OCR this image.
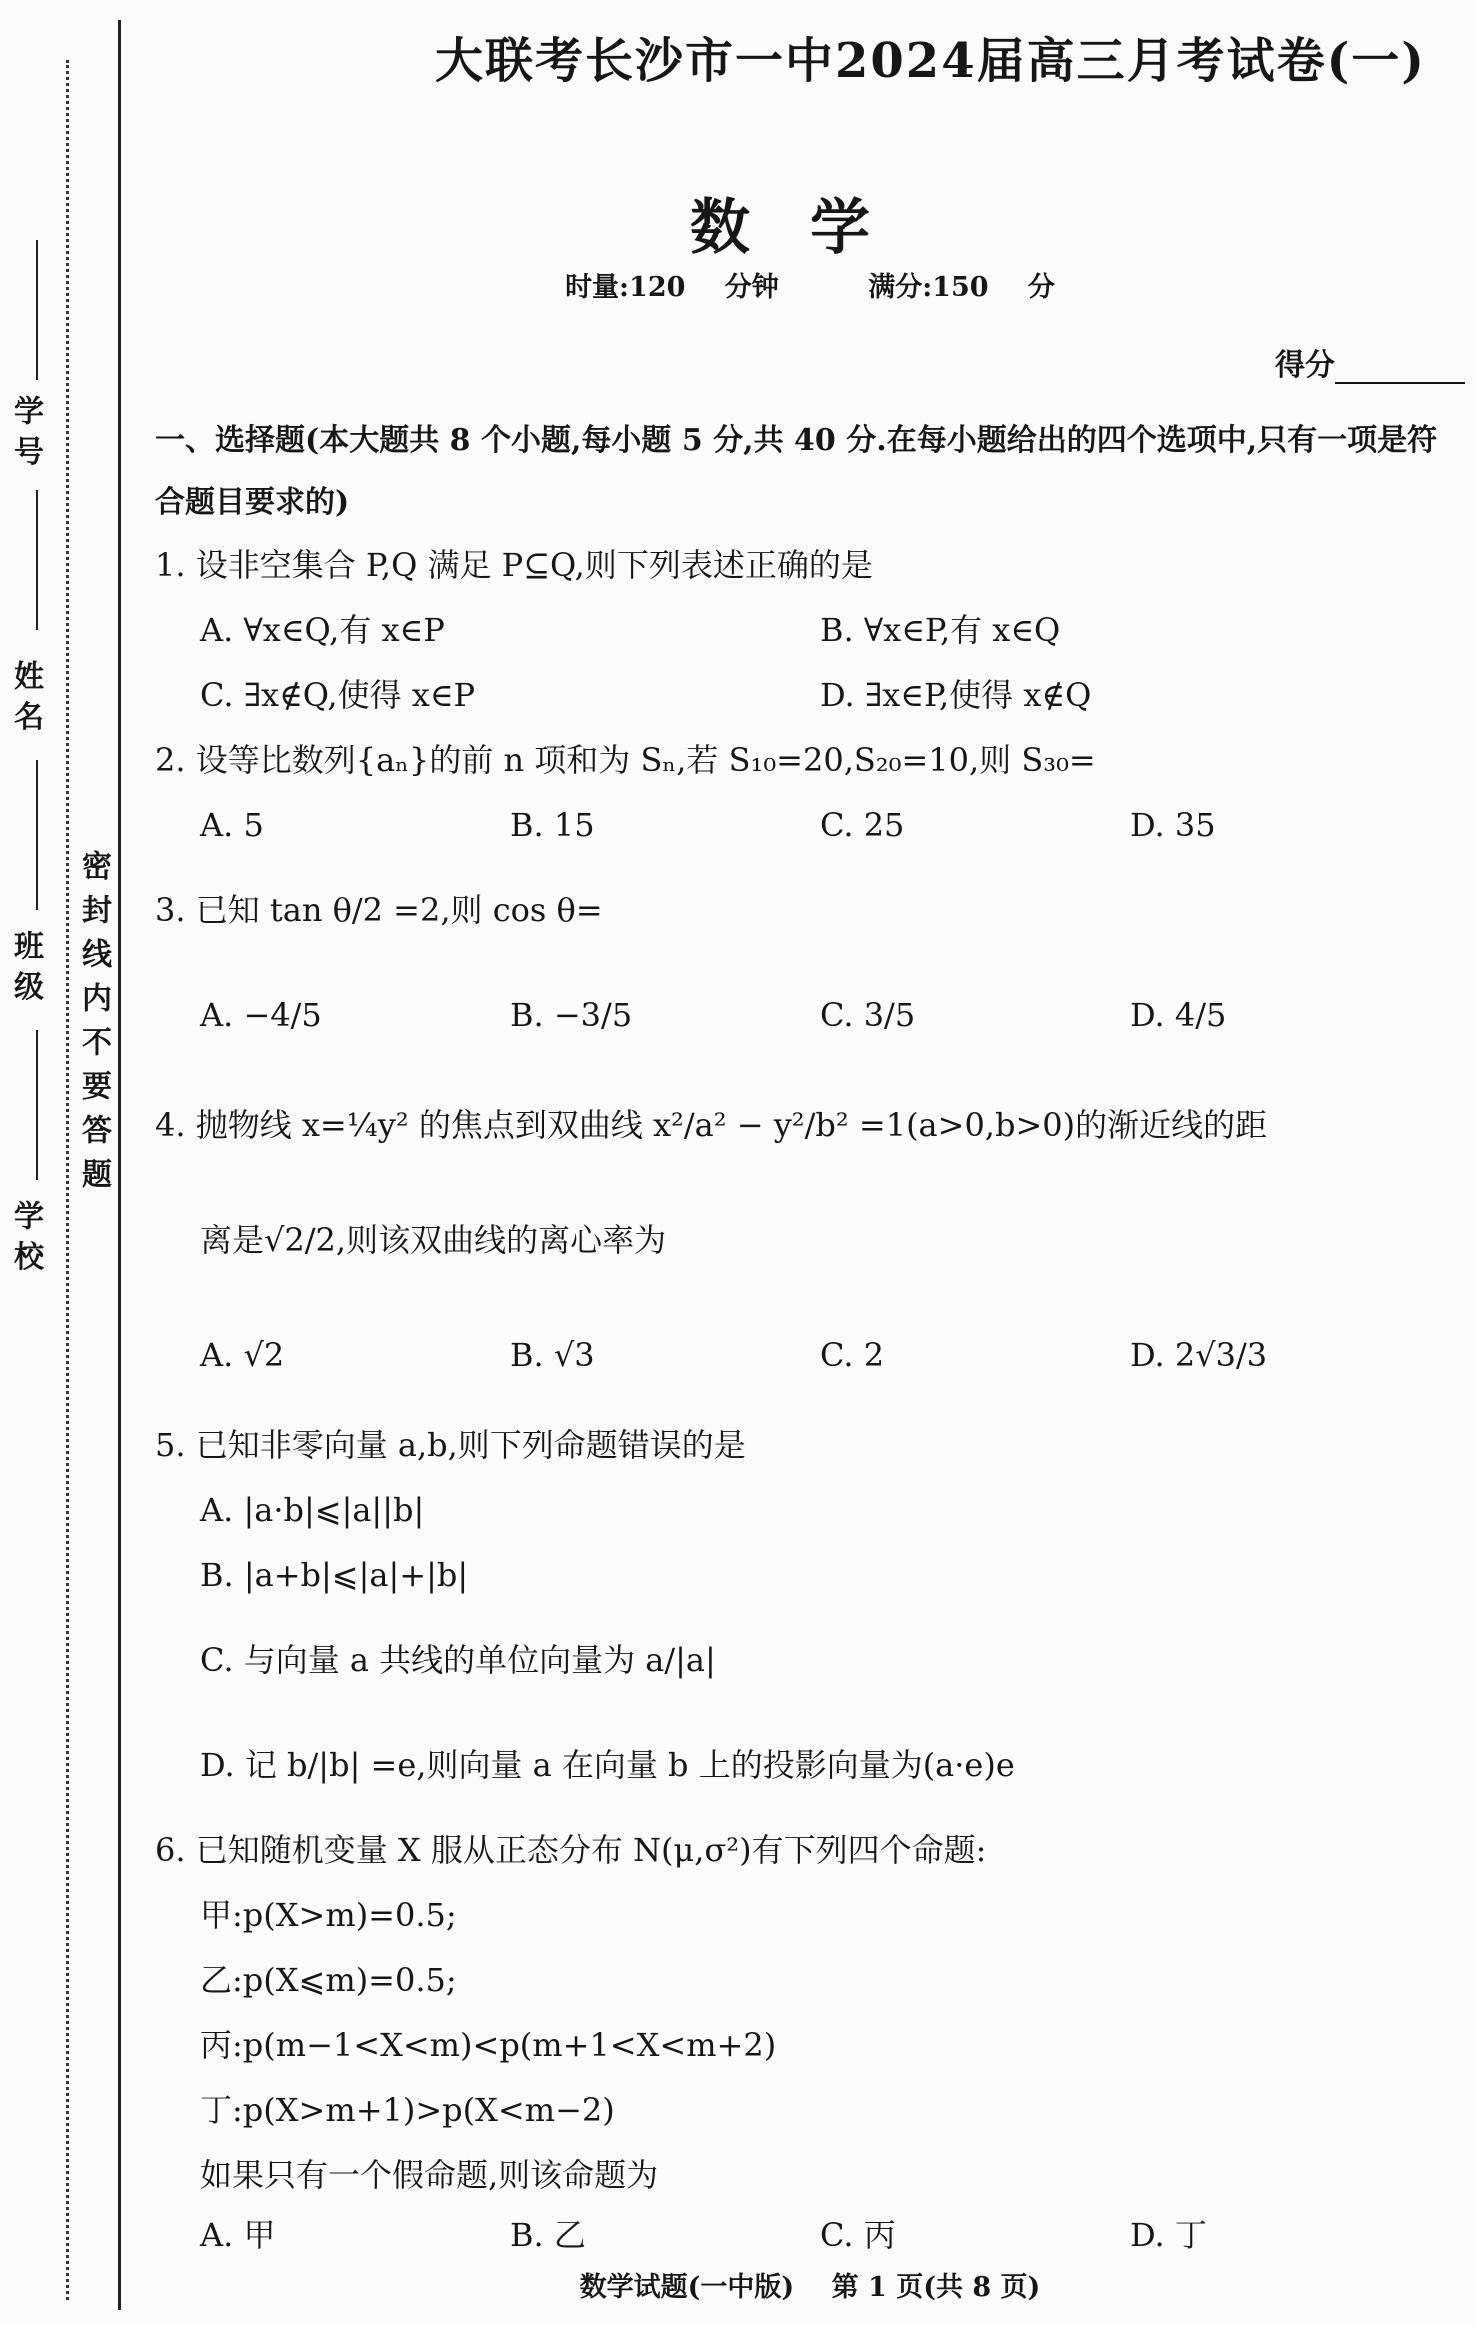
学 号
姓 名
班 级
学 校
密封线内不要答题
大联考长沙市一中2024届高三月考试卷(一)
数学
时量:120 分钟	满分:150 分
得分
一、选择题(本大题共 8 个小题,每小题 5 分,共 40 分.在每小题给出的四个选项中,只有一项是符合题目要求的)
1. 设非空集合 P,Q 满足 P⊆Q,则下列表述正确的是
A. ∀x∈Q,有 x∈P	B. ∀x∈P,有 x∈Q
C. ∃x∉Q,使得 x∈P	D. ∃x∈P,使得 x∉Q
2. 设等比数列{aₙ}的前 n 项和为 Sₙ,若 S₁₀=20,S₂₀=10,则 S₃₀=
A. 5	B. 15	C. 25	D. 35
3. 已知 tan θ/2 =2,则 cos θ=
A. −4/5	B. −3/5	C. 3/5	D. 4/5
4. 抛物线 x=¼y² 的焦点到双曲线 x²/a² − y²/b² =1(a>0,b>0)的渐近线的距
离是√2/2,则该双曲线的离心率为
A. √2	B. √3	C. 2	D. 2√3/3
5. 已知非零向量 a,b,则下列命题错误的是
A. |a·b|⩽|a||b|
B. |a+b|⩽|a|+|b|
C. 与向量 a 共线的单位向量为 a/|a|
D. 记 b/|b| =e,则向量 a 在向量 b 上的投影向量为(a·e)e
6. 已知随机变量 X 服从正态分布 N(μ,σ²)有下列四个命题:
甲:p(X>m)=0.5;
乙:p(X⩽m)=0.5;
丙:p(m−1<X<m)<p(m+1<X<m+2)
丁:p(X>m+1)>p(X<m−2)
如果只有一个假命题,则该命题为
A. 甲	B. 乙	C. 丙	D. 丁
数学试题(一中版) 第 1 页(共 8 页)
